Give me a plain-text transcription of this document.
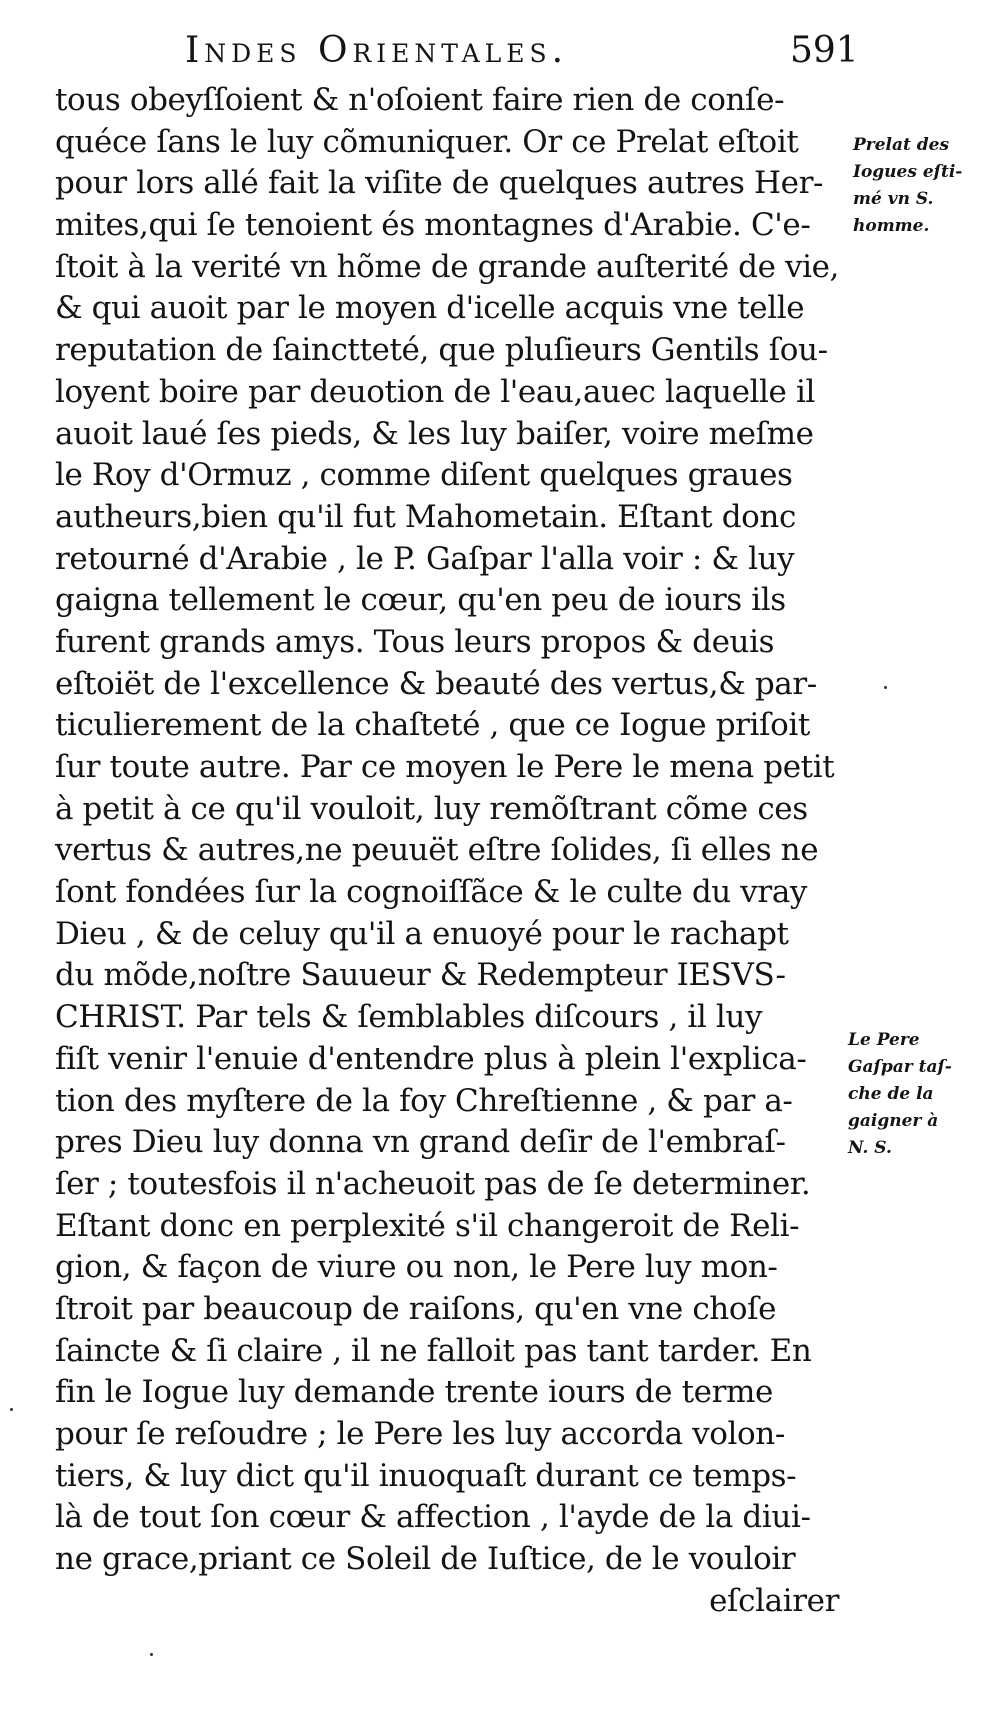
Indes Orientales.	591
tous obeyſſoient & n'oſoient faire rien de conſe-
quéce ſans le luy cõmuniquer. Or ce Prelat eſtoit
pour lors allé fait la viſite de quelques autres Her-
mites,qui ſe tenoient és montagnes d'Arabie. C'e-
ſtoit à la verité vn hõme de grande auſterité de vie,
& qui auoit par le moyen d'icelle acquis vne telle
reputation de ſainctteté, que pluſieurs Gentils ſou-
loyent boire par deuotion de l'eau,auec laquelle il
auoit laué ſes pieds, & les luy baiſer, voire meſme
le Roy d'Ormuz , comme diſent quelques graues
autheurs,bien qu'il fut Mahometain. Eſtant donc
retourné d'Arabie , le P. Gaſpar l'alla voir : & luy
gaigna tellement le cœur, qu'en peu de iours ils
furent grands amys. Tous leurs propos & deuis
eſtoiët de l'excellence & beauté des vertus,& par-
ticulierement de la chaſteté , que ce Iogue priſoit
ſur toute autre. Par ce moyen le Pere le mena petit
à petit à ce qu'il vouloit, luy remõſtrant cõme ces
vertus & autres,ne peuuët eſtre ſolides, ſi elles ne
ſont fondées ſur la cognoiſſãce & le culte du vray
Dieu , & de celuy qu'il a enuoyé pour le rachapt
du mõde,noſtre Sauueur & Redempteur IESVS-
CHRIST. Par tels & ſemblables diſcours , il luy
fiſt venir l'enuie d'entendre plus à plein l'explica-
tion des myſtere de la foy Chreſtienne , & par a-
pres Dieu luy donna vn grand deſir de l'embraſ-
ſer ; toutesfois il n'acheuoit pas de ſe determiner.
Eſtant donc en perplexité s'il changeroit de Reli-
gion, & façon de viure ou non, le Pere luy mon-
ſtroit par beaucoup de raiſons, qu'en vne choſe
ſaincte & ſi claire , il ne falloit pas tant tarder. En
fin le Iogue luy demande trente iours de terme
pour ſe reſoudre ; le Pere les luy accorda volon-
tiers, & luy dict qu'il inuoquaſt durant ce temps-
là de tout ſon cœur & affection , l'ayde de la diui-
ne grace,priant ce Soleil de Iuſtice, de le vouloir
eſclairer
Prelat des
Iogues eſti-
mé vn S.
homme.
Le Pere
Gaſpar taſ-
che de la
gaigner à
N. S.
